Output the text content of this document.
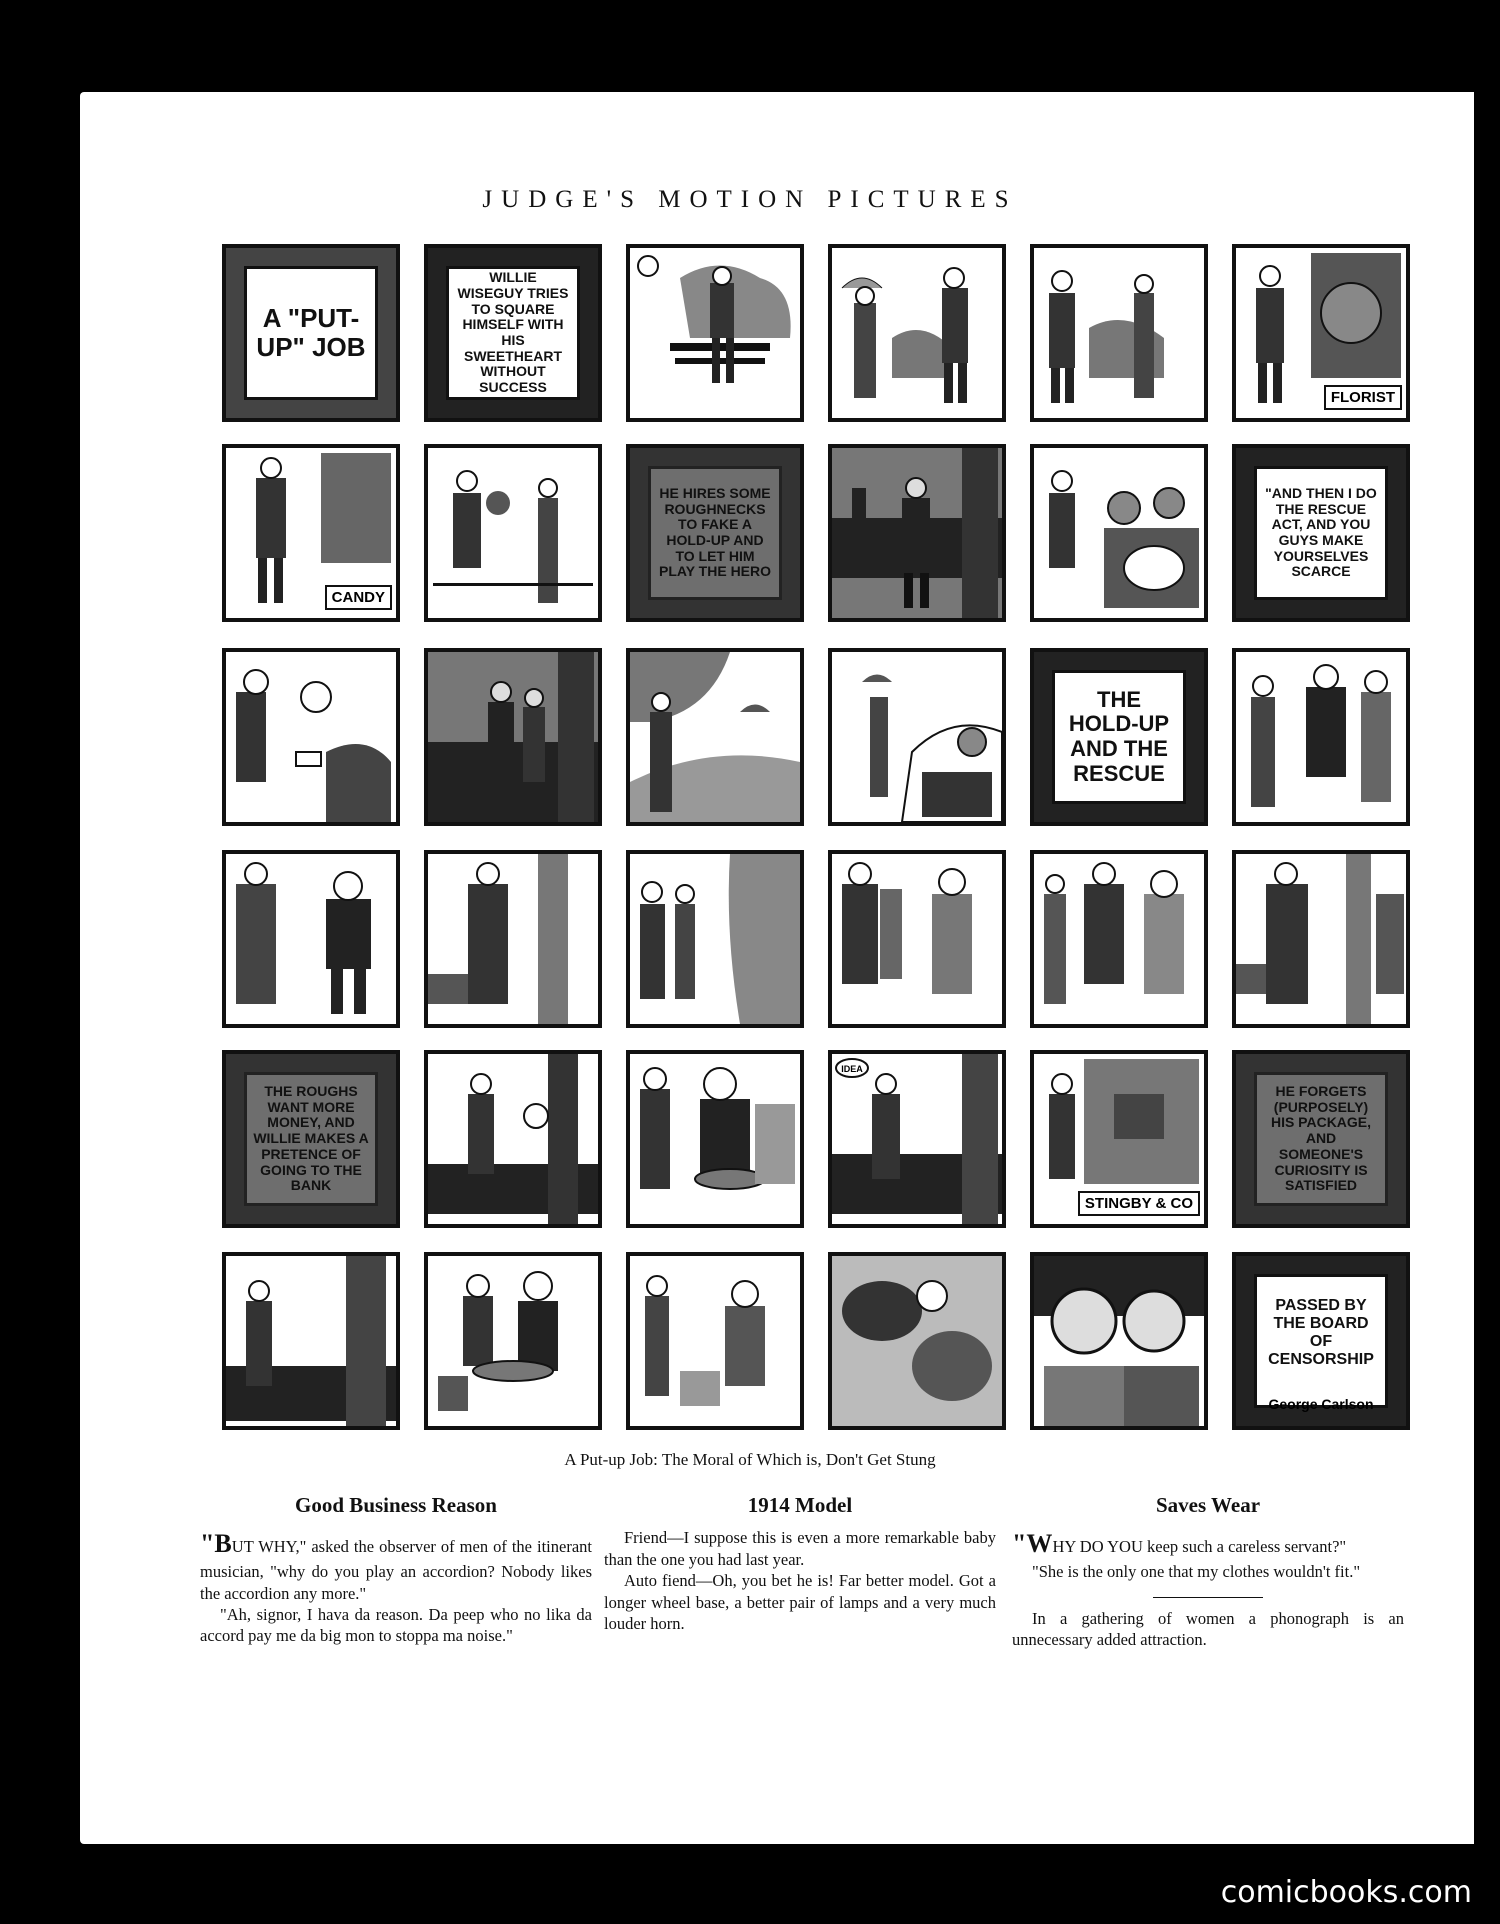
JUDGE'S MOTION PICTURES
A "PUT-UP" JOB
WILLIE WISEGUY TRIES TO SQUARE HIMSELF WITH HIS SWEETHEART WITHOUT SUCCESS
FLORIST
CANDY
HE HIRES SOME ROUGHNECKS TO FAKE A HOLD-UP AND TO LET HIM PLAY THE HERO
"AND THEN I DO THE RESCUE ACT, AND YOU GUYS MAKE YOURSELVES SCARCE
THE HOLD-UP AND THE RESCUE
THE ROUGHS WANT MORE MONEY, AND WILLIE MAKES A PRETENCE OF GOING TO THE BANK
IDEA
STINGBY & CO
HE FORGETS (PURPOSELY) HIS PACKAGE, AND SOMEONE'S CURIOSITY IS SATISFIED
PASSED BY THE BOARD OF CENSORSHIP
George Carlson
A Put-up Job: The Moral of Which is, Don't Get Stung
Good Business Reason

"BUT WHY," asked the observer of men of the itinerant musician, "why do you play an accordion? Nobody likes the accordion any more."

"Ah, signor, I hava da reason. Da peep who no lika da accord pay me da big mon to stoppa ma noise."

1914 Model

Friend—I suppose this is even a more remarkable baby than the one you had last year.

Auto fiend—Oh, you bet he is! Far better model. Got a longer wheel base, a better pair of lamps and a very much louder horn.

Saves Wear

"WHY DO YOU keep such a careless servant?"

"She is the only one that my clothes wouldn't fit."

In a gathering of women a phonograph is an unnecessary added attraction.

comicbooks.com
